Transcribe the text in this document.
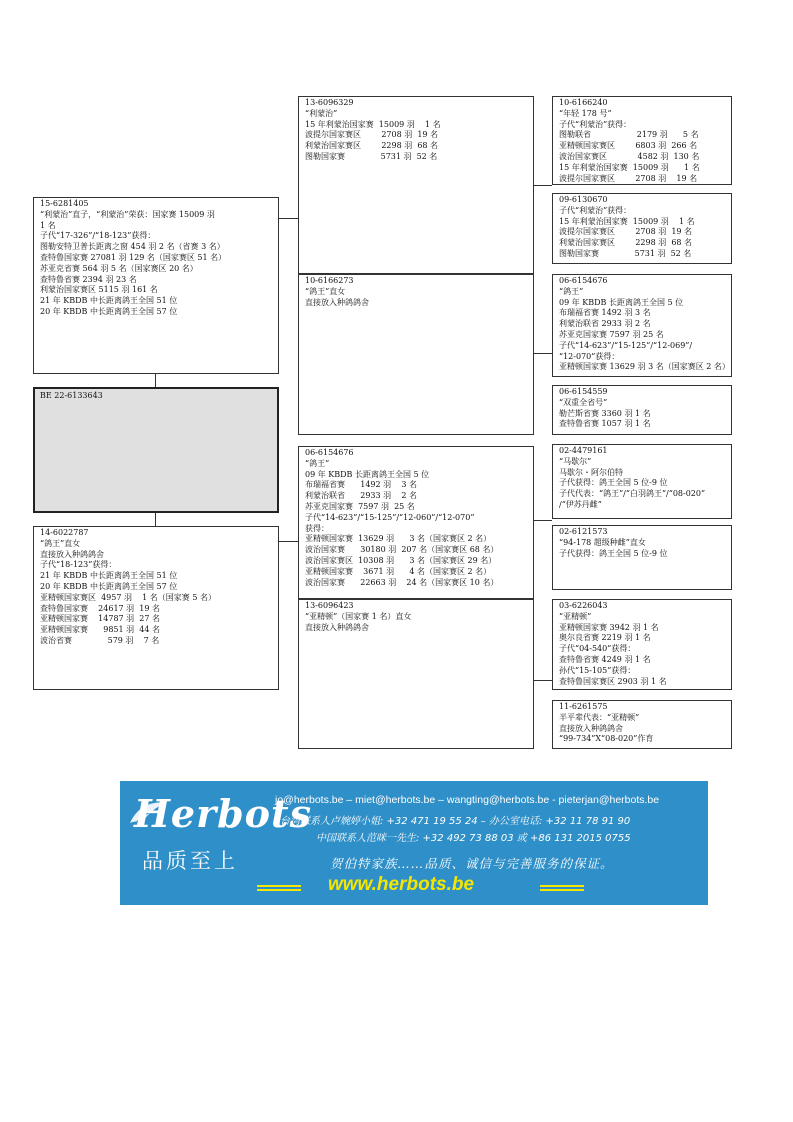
15-6281405
“利蒙治”直子，“利蒙治”荣获：国家赛 15009 羽
1 名
子代“17-326”/“18-123”获得：
图勒安特卫普长距离之窗 454 羽 2 名（省赛 3 名）
查特鲁国家赛 27081 羽 129 名（国家赛区 51 名）
苏亚克省赛 564 羽 5 名（国家赛区 20 名）
查特鲁省赛 2394 羽 23 名
利蒙治国家赛区 5115 羽 161 名
21 年 KBDB 中长距离鸽王全国 51 位
20 年 KBDB 中长距离鸽王全国 57 位
BE 22-6133643
14-6022787
“鸽王”直女
直接放入种鸽鸽舍
子代“18-123”获得：
21 年 KBDB 中长距离鸽王全国 51 位
20 年 KBDB 中长距离鸽王全国 57 位
亚精顿国家赛区  4957 羽    1 名（国家赛 5 名）
查特鲁国家赛    24617 羽  19 名
亚精顿国家赛    14787 羽  27 名
亚精顿国家赛      9851 羽  44 名
波治省赛              579 羽    7 名
13-6096329
“利蒙治”
15 年利蒙治国家赛  15009 羽    1 名
波提尔国家赛区        2708 羽  19 名
利蒙治国家赛区        2298 羽  68 名
图勒国家赛              5731 羽  52 名
10-6166273
“鸽王”直女
直接放入种鸽鸽舍
06-6154676
“鸽王”
09 年 KBDB 长距离鸽王全国 5 位
布瑞福省赛      1492 羽    3 名
利蒙治联省      2933 羽    2 名
苏亚克国家赛  7597 羽  25 名
子代“14-623”/“15-125”/“12-060”/“12-070”
获得：
亚精顿国家赛  13629 羽      3 名（国家赛区 2 名）
波治国家赛      30180 羽  207 名（国家赛区 68 名）
波治国家赛区  10308 羽      3 名（国家赛区 29 名）
亚精顿国家赛    3671 羽      4 名（国家赛区 2 名）
波治国家赛      22663 羽    24 名（国家赛区 10 名）
13-6096423
“亚精顿”（国家赛 1 名）直女
直接放入种鸽鸽舍
10-6166240
“年轻 178 号”
子代“利蒙治”获得：
图勒联省                  2179 羽      5 名
亚精顿国家赛区        6803 羽  266 名
波治国家赛区            4582 羽  130 名
15 年利蒙治国家赛  15009 羽      1 名
波提尔国家赛区        2708 羽    19 名
09-6130670
子代“利蒙治”获得：
15 年利蒙治国家赛  15009 羽    1 名
波提尔国家赛区        2708 羽  19 名
利蒙治国家赛区        2298 羽  68 名
图勒国家赛              5731 羽  52 名
06-6154676
“鸽王”
09 年 KBDB 长距离鸽王全国 5 位
布瑞福省赛 1492 羽 3 名
利蒙治联省 2933 羽 2 名
苏亚克国家赛 7597 羽 25 名
子代“14-623”/“15-125”/“12-069”/
“12-070”获得：
亚精顿国家赛 13629 羽 3 名（国家赛区 2 名）
06-6154559
“双重全省号”
勒芒斯省赛 3360 羽 1 名
查特鲁省赛 1057 羽 1 名
02-4479161
“马歇尔”
马歇尔・阿尔伯特
子代获得：鸽王全国 5 位-9 位
子代代表：“鸽王”/“白羽鸽王”/“08-020”
/“伊苏丹雌”
02-6121573
“94-178 超级种雌”直女
子代获得：鸽王全国 5 位-9 位
03-6226043
“亚精顿”
亚精顿国家赛 3942 羽 1 名
奥尔良省赛 2219 羽 1 名
子代“04-540”获得：
查特鲁省赛 4249 羽 1 名
孙代“15-105”获得：
查特鲁国家赛区 2903 羽 1 名
11-6261575
半平辈代表：“亚精顿”
直接放入种鸽鸽舍
“99-734”X“08-020”作育
Herbots
品质至上
jo@herbots.be – miet@herbots.be – wangting@herbots.be - pieterjan@herbots.be
台湾联系人卢婉婷小姐: +32 471 19 55 24 – 办公室电话: +32 11 78 91 90
中国联系人范咪一先生: +32 492 73 88 03 或 +86 131 2015 0755
贺伯特家族……品质、诚信与完善服务的保证。
www.herbots.be
